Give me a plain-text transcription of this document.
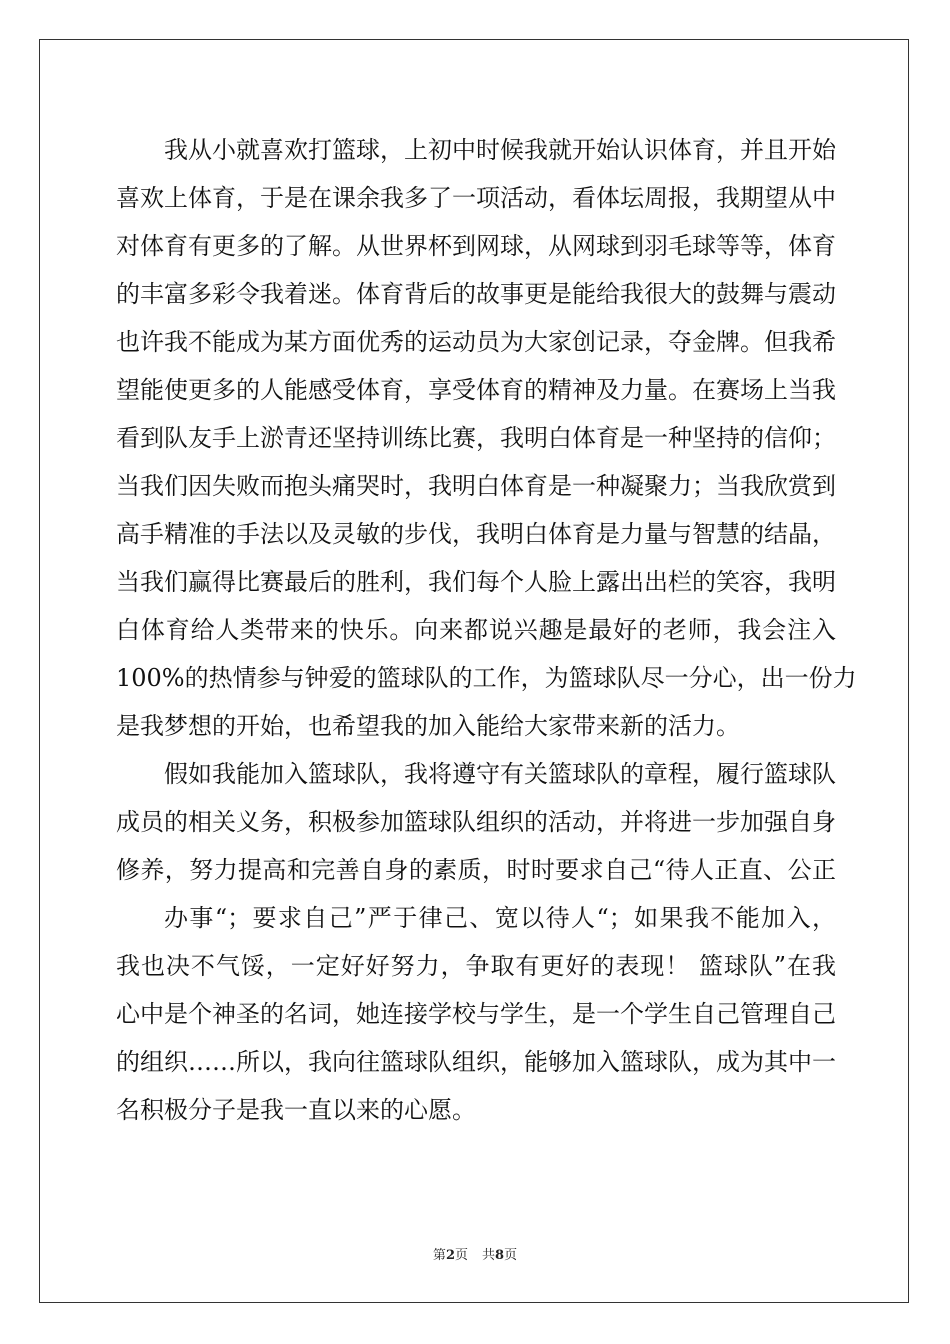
我从小就喜欢打篮球，上初中时候我就开始认识体育，并且开始
喜欢上体育，于是在课余我多了一项活动，看体坛周报，我期望从中
对体育有更多的了解。从世界杯到网球，从网球到羽毛球等等，体育
的丰富多彩令我着迷。体育背后的故事更是能给我很大的鼓舞与震动
也许我不能成为某方面优秀的运动员为大家创记录，夺金牌。但我希
望能使更多的人能感受体育，享受体育的精神及力量。在赛场上当我
看到队友手上淤青还坚持训练比赛，我明白体育是一种坚持的信仰；
当我们因失败而抱头痛哭时，我明白体育是一种凝聚力；当我欣赏到
高手精准的手法以及灵敏的步伐，我明白体育是力量与智慧的结晶，
当我们赢得比赛最后的胜利，我们每个人脸上露出出栏的笑容，我明
白体育给人类带来的快乐。向来都说兴趣是最好的老师，我会注入
100%的热情参与钟爱的篮球队的工作，为篮球队尽一分心，出一份力
是我梦想的开始，也希望我的加入能给大家带来新的活力。
假如我能加入篮球队，我将遵守有关篮球队的章程，履行篮球队
成员的相关义务，积极参加篮球队组织的活动，并将进一步加强自身
修养，努力提高和完善自身的素质，时时要求自己“待人正直、公正
办事“；要求自己”严于律己、宽以待人“；如果我不能加入，
我也决不气馁，一定好好努力，争取有更好的表现！ 篮球队”在我
心中是个神圣的名词，她连接学校与学生，是一个学生自己管理自己
的组织……所以，我向往篮球队组织，能够加入篮球队，成为其中一
名积极分子是我一直以来的心愿。
第2页 共8页
